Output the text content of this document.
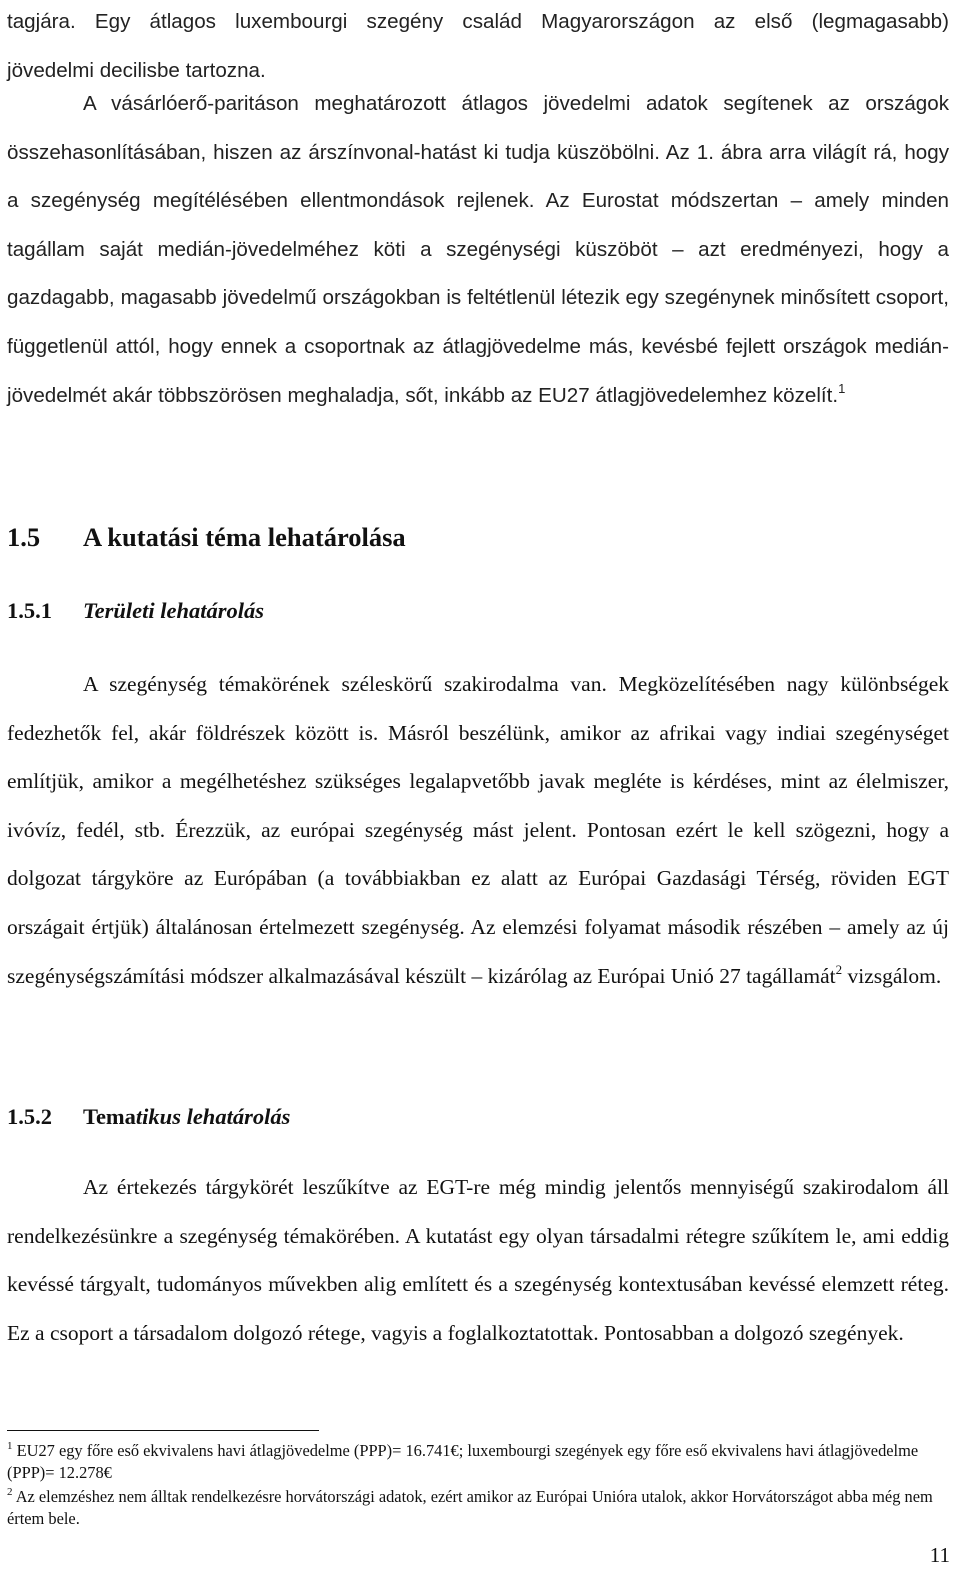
tagjára. Egy átlagos luxembourgi szegény család Magyarországon az első (legmagasabb)
jövedelmi decilisbe tartozna.

A vásárlóerő-paritáson meghatározott átlagos jövedelmi adatok segítenek az országok összehasonlításában, hiszen az árszínvonal-hatást ki tudja küszöbölni. Az 1. ábra arra világít rá, hogy a szegénység megítélésében ellentmondások rejlenek. Az Eurostat módszertan – amely minden tagállam saját medián-jövedelméhez köti a szegénységi küszöböt – azt eredményezi, hogy a gazdagabb, magasabb jövedelmű országokban is feltétlenül létezik egy szegénynek minősített csoport, függetlenül attól, hogy ennek a csoportnak az átlagjövedelme más, kevésbé fejlett országok medián-jövedelmét akár többszörösen meghaladja, sőt, inkább az EU27 átlagjövedelemhez közelít.$^1$

1.5 A kutatási téma lehatárolása
1.5.1 Területi lehatárolás

A szegénység témakörének széleskörű szakirodalma van. Megközelítésében nagy különbségek fedezhetők fel, akár földrészek között is. Másról beszélünk, amikor az afrikai vagy indiai szegénységet említjük, amikor a megélhetéshez szükséges legalapvetőbb javak megléte is kérdéses, mint az élelmiszer, ivóvíz, fedél, stb. Érezzük, az európai szegénység mást jelent. Pontosan ezért le kell szögezni, hogy a dolgozat tárgyköre az Európában (a továbbiakban ez alatt az Európai Gazdasági Térség, röviden EGT országait értjük) általánosan értelmezett szegénység. Az elemzési folyamat második részében – amely az új szegénységszámítási módszer alkalmazásával készült – kizárólag az Európai Unió 27 tagállamát$^2$ vizsgálom.

1.5.2 Tematikus lehatárolás

Az értekezés tárgykörét leszűkítve az EGT-re még mindig jelentős mennyiségű szakirodalom áll rendelkezésünkre a szegénység témakörében. A kutatást egy olyan társadalmi rétegre szűkítem le, ami eddig kevéssé tárgyalt, tudományos művekben alig említett és a szegénység kontextusában kevéssé elemzett réteg. Ez a csoport a társadalom dolgozó rétege, vagyis a foglalkoztatottak. Pontosabban a dolgozó szegények.

$^1$ EU27 egy főre eső ekvivalens havi átlagjövedelme (PPP)= 16.741€; luxembourgi szegények egy főre eső ekvivalens havi átlagjövedelme (PPP)= 12.278€

$^2$ Az elemzéshez nem álltak rendelkezésre horvátországi adatok, ezért amikor az Európai Unióra utalok, akkor Horvátországot abba még nem értem bele.

11
